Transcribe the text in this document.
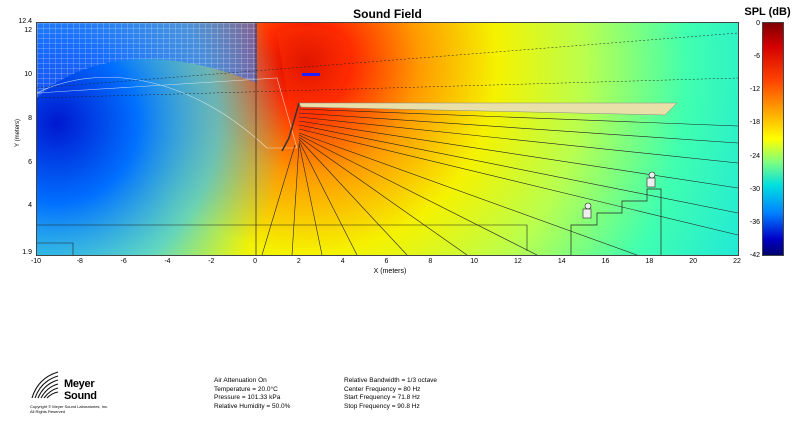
Sound Field
Y (meters)
X (meters)
12.4
12
10
8
6
4
1.9
-10	-8	-6	-4	-2	0	2	4	6	8	10	12	14	16	18	20	22
SPL (dB)
0
-6
-12
-18
-24
-30
-36
-42
Meyer
Sound
Copyright © Meyer Sound Laboratories, Inc.
All Rights Reserved
Air Attenuation On
Temperature = 20.0°C
Pressure = 101.33 kPa
Relative Humidity = 50.0%
Relative Bandwidth = 1/3 octave
Center Frequency = 80 Hz
Start Frequency = 71.8 Hz
Stop Frequency = 90.8 Hz
